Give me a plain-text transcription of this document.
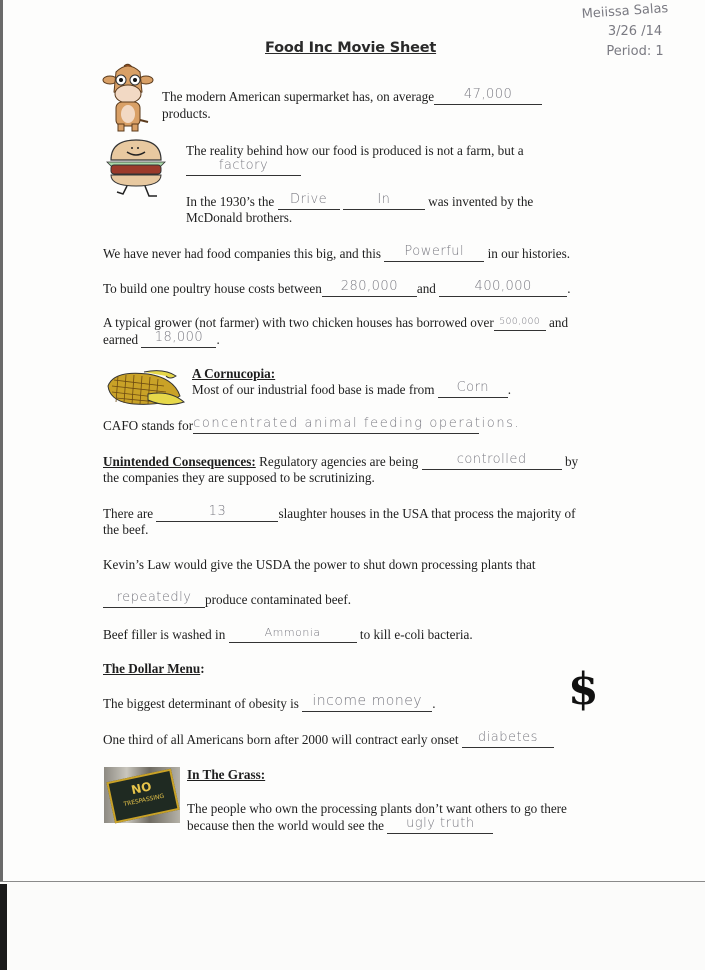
Food Inc Movie Sheet
Meiissa Salas
3/26 /14
Period: 1
The modern American supermarket has, on average 47,000
products.
The reality behind how our food is produced is not a farm, but a
factory
In the 1930’s the Drive	In	was invented by the
McDonald brothers.
We have never had food companies this big, and this Powerful in our histories.
To build one poultry house costs between 280,000 and	400,000	.
A typical grower (not farmer) with two chicken houses has borrowed over $^{500,000}$ and
earned 18,000 .
A Cornucopia:
Most of our industrial food base is made from Corn .
CAFO stands forconcentrated animal feeding operations.
Unintended Consequences: Regulatory agencies are being	controlled	by
the companies they are supposed to be scrutinizing.
There are	13	slaughter houses in the USA that process the majority of
the beef.
Kevin’s Law would give the USDA the power to shut down processing plants that
repeatedly produce contaminated beef.
Beef filler is washed in	$^{Ammonia}$	to kill e-coli bacteria.
The Dollar Menu:
The biggest determinant of obesity is income money .	$
One third of all Americans born after 2000 will contract early onset diabetes
NO
TRESPASSING
In The Grass:
The people who own the processing plants don’t want others to go there
because then the world would see the ugly truth
